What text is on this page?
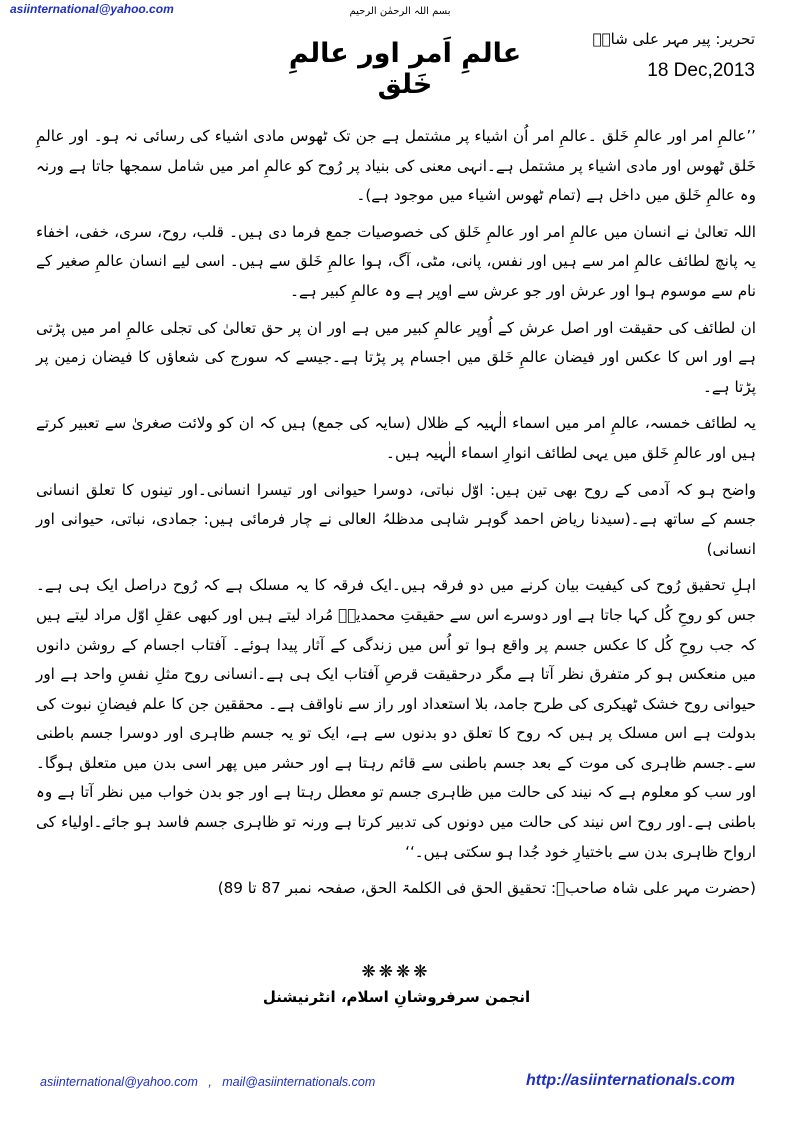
asiinternational@yahoo.com	بسم اللہ الرحمٰن الرحیم
تحریر: پیر مہر علی شاہؒ
18 Dec,2013
عالمِ اَمر اور عالمِ خَلق

’’عالمِ امر اور عالمِ خَلق ۔عالمِ امر اُن اشیاء پر مشتمل ہے جن تک ٹھوس مادی اشیاء کی رسائی نہ ہو۔ اور عالمِ خَلق ٹھوس اور مادی اشیاء پر مشتمل ہے۔انہی معنی کی بنیاد پر رُوح کو عالمِ امر میں شامل سمجھا جاتا ہے ورنہ وہ عالمِ خَلق میں داخل ہے (تمام ٹھوس اشیاء میں موجود ہے)۔

اللہ تعالیٰ نے انسان میں عالمِ امر اور عالمِ خَلق کی خصوصیات جمع فرما دی ہیں۔ قلب، روح، سری، خفی، اخفاء یہ پانچ لطائف عالمِ امر سے ہیں اور نفس، پانی، مٹی، آگ، ہوا عالمِ خَلق سے ہیں۔ اسی لیے انسان عالمِ صغیر کے نام سے موسوم ہوا اور عرش اور جو عرش سے اوپر ہے وہ عالمِ کبیر ہے۔

ان لطائف کی حقیقت اور اصل عرش کے اُوپر عالمِ کبیر میں ہے اور ان پر حق تعالیٰ کی تجلی عالمِ امر میں پڑتی ہے اور اس کا عکس اور فیضان عالمِ خَلق میں اجسام پر پڑتا ہے۔جیسے کہ سورج کی شعاؤں کا فیضان زمین پر پڑتا ہے۔

یہ لطائف خمسہ، عالمِ امر میں اسماء الٰہیہ کے ظلال (سایہ کی جمع) ہیں کہ ان کو ولائت صغریٰ سے تعبیر کرتے ہیں اور عالمِ خَلق میں یہی لطائف انوارِ اسماء الٰہیہ ہیں۔

واضح ہو کہ آدمی کے روح بھی تین ہیں: اوّل نباتی، دوسرا حیوانی اور تیسرا انسانی۔اور تینوں کا تعلق انسانی جسم کے ساتھ ہے۔(سیدنا ریاض احمد گوہر شاہی مدظلہُ العالی نے چار فرمائی ہیں: جمادی، نباتی، حیوانی اور انسانی)

اہلِ تحقیق رُوح کی کیفیت بیان کرنے میں دو فرقہ ہیں۔ایک فرقہ کا یہ مسلک ہے کہ رُوح دراصل ایک ہی ہے۔جس کو روحِ کُل کہا جاتا ہے اور دوسرے اس سے حقیقتِ محمدیہؐ مُراد لیتے ہیں اور کبھی عقلِ اوّل مراد لیتے ہیں کہ جب روحِ کُل کا عکس جسم پر واقع ہوا تو اُس میں زندگی کے آثار پیدا ہوئے۔ آفتاب اجسام کے روشن دانوں میں منعکس ہو کر متفرق نظر آتا ہے مگر درحقیقت قرصِ آفتاب ایک ہی ہے۔انسانی روح مثلِ نفسِ واحد ہے اور حیوانی روح خشک ٹھیکری کی طرح جامد، بلا استعداد اور راز سے ناواقف ہے۔ محققین جن کا علم فیضانِ نبوت کی بدولت ہے اس مسلک پر ہیں کہ روح کا تعلق دو بدنوں سے ہے، ایک تو یہ جسم ظاہری اور دوسرا جسم باطنی سے۔جسم ظاہری کی موت کے بعد جسم باطنی سے قائم رہتا ہے اور حشر میں پھر اسی بدن میں متعلق ہوگا۔ اور سب کو معلوم ہے کہ نیند کی حالت میں ظاہری جسم تو معطل رہتا ہے اور جو بدن خواب میں نظر آتا ہے وہ باطنی ہے۔اور روح اس نیند کی حالت میں دونوں کی تدبیر کرتا ہے ورنہ تو ظاہری جسم فاسد ہو جائے۔اولیاء کی ارواح ظاہری بدن سے باختیارِ خود جُدا ہو سکتی ہیں۔‘‘

(حضرت مہر علی شاہ صاحبؒ: تحقیق الحق فی الکلمۃ الحق، صفحہ نمبر 87 تا 89)
❋❋❋❋
انجمن سرفروشانِ اسلام، انٹرنیشنل
asiinternational@yahoo.com   ,   mail@asiinternationals.com	http://asiinternationals.com
